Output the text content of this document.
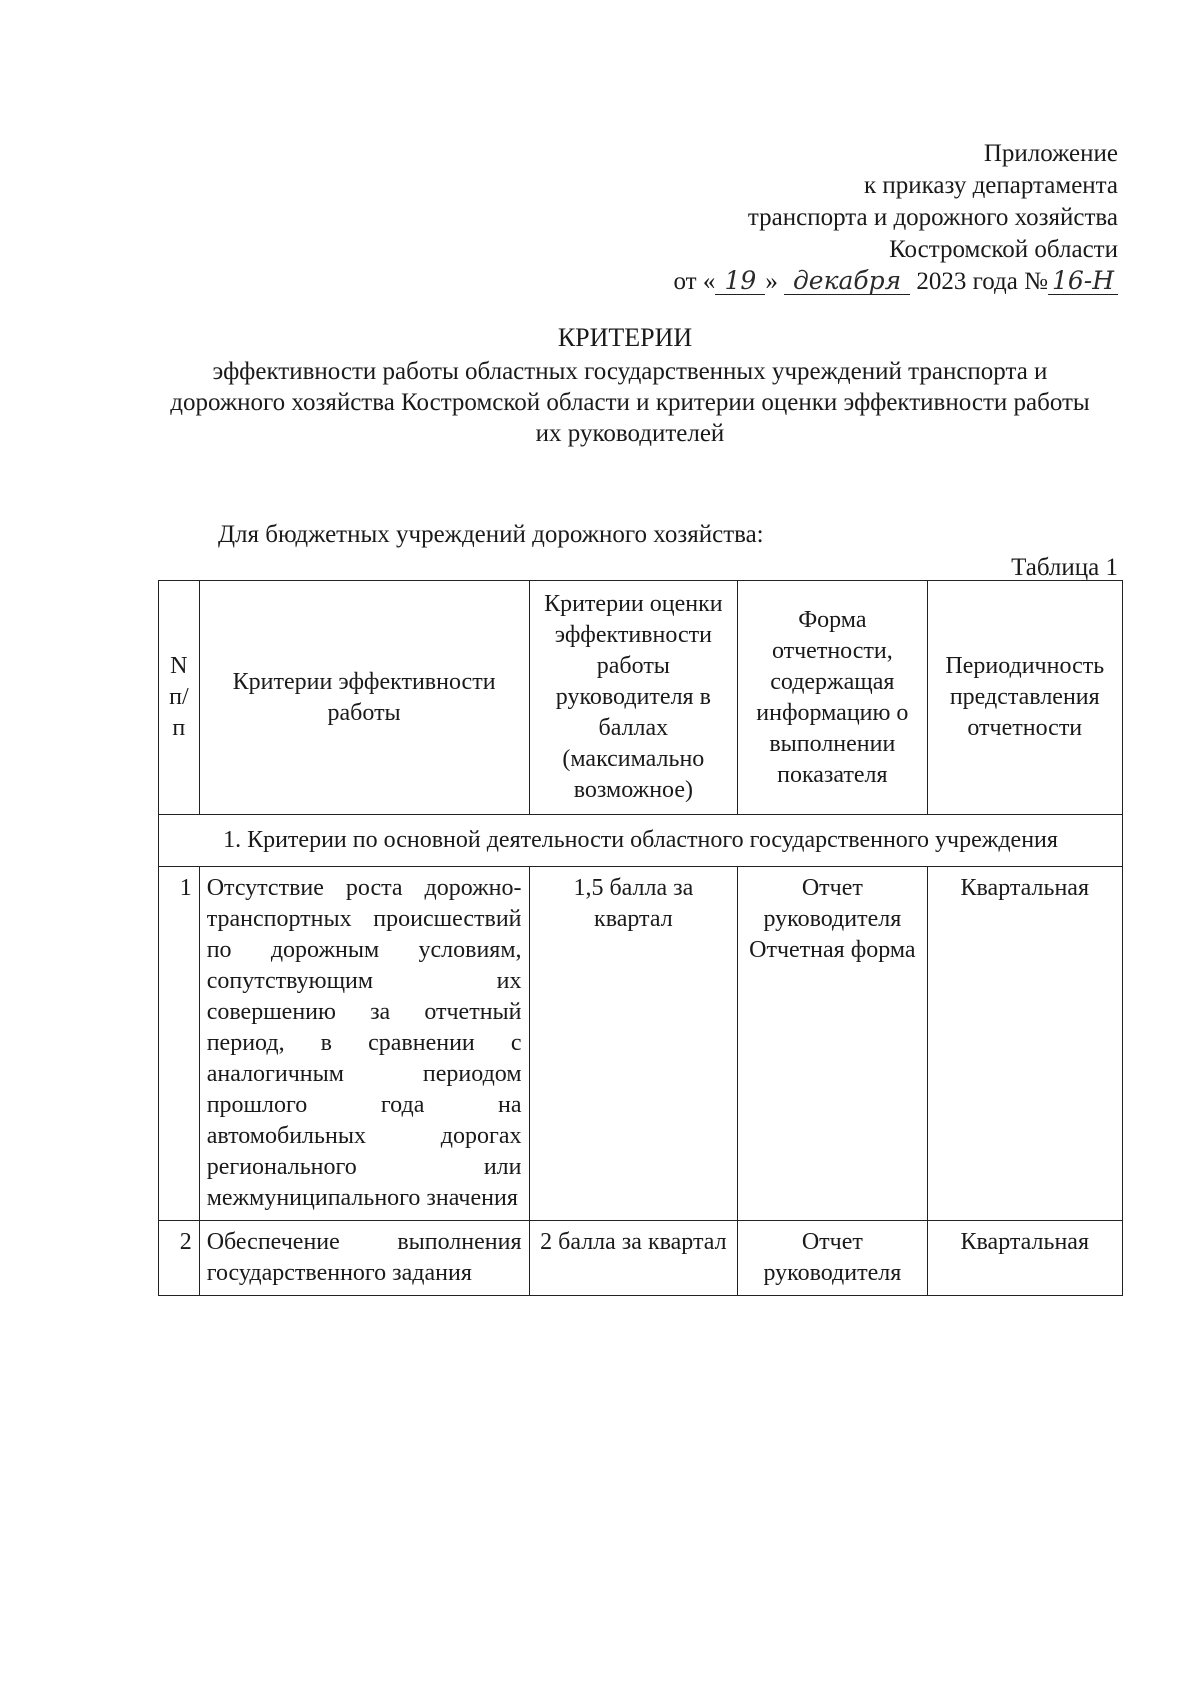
Приложение
к приказу департамента
транспорта и дорожного хозяйства
Костромской области
от « 19 » декабря 2023 года № 16-Н
КРИТЕРИИ
эффективности работы областных государственных учреждений транспорта и дорожного хозяйства Костромской области и критерии оценки эффективности работы их руководителей
Для бюджетных учреждений дорожного хозяйства:
Таблица 1
N п/п	Критерии эффективности работы	Критерии оценки эффективности работы руководителя в баллах (максимально возможное)	Форма отчетности, содержащая информацию о выполнении показателя	Периодичность представления отчетности
1. Критерии по основной деятельности областного государственного учреждения				
1	Отсутствие роста дорожно-транспортных происшествий по дорожным условиям, сопутствующим их совершению за отчетный период, в сравнении с аналогичным периодом прошлого года на автомобильных дорогах регионального или межмуниципального значения	1,5 балла за квартал	Отчет руководителя Отчетная форма	Квартальная
2	Обеспечение выполнения государственного задания	2 балла за квартал	Отчет руководителя	Квартальная
